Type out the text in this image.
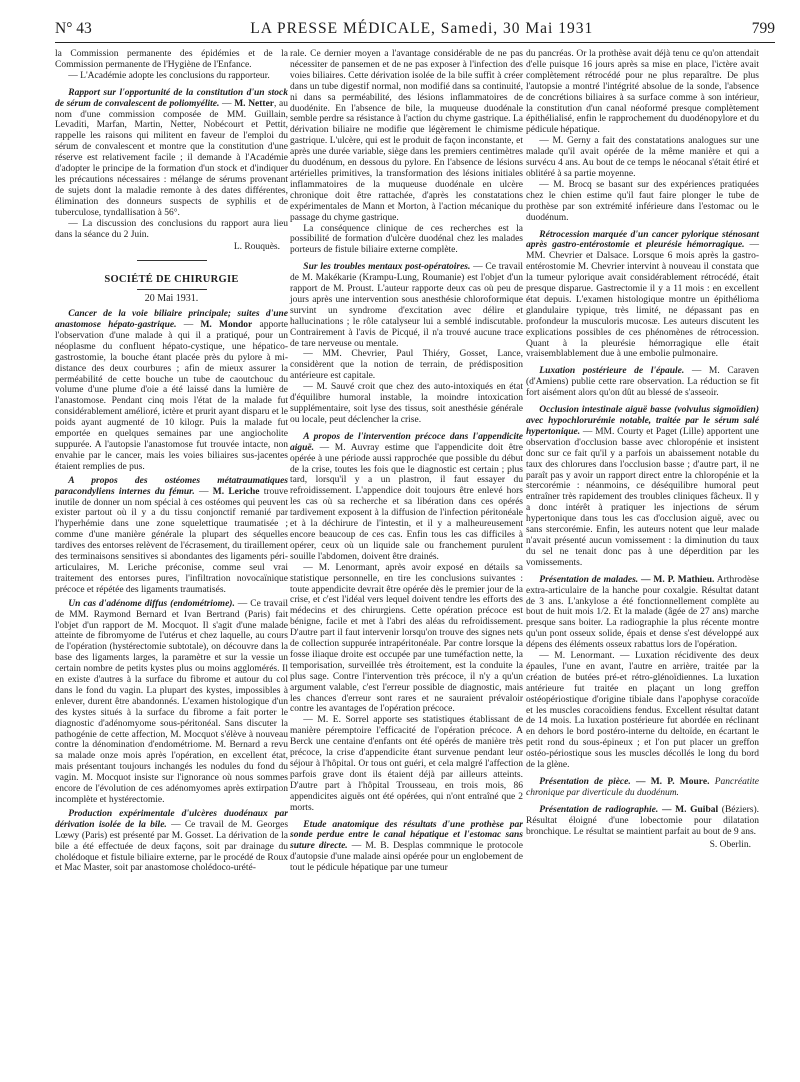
N° 43	LA PRESSE MÉDICALE, Samedi, 30 Mai 1931	799

la Commission permanente des épidémies et de la Commission permanente de l'Hygiène de l'Enfance.

— L'Académie adopte les conclusions du rapporteur.

Rapport sur l'opportunité de la constitution d'un stock de sérum de convalescent de poliomyélite. — M. Netter, au nom d'une commission composée de MM. Guillain, Levaditi, Marfan, Martin, Netter, Nobécourt et Pettit, rappelle les raisons qui militent en faveur de l'emploi du sérum de convalescent et montre que la constitution d'une réserve est relativement facile ; il demande à l'Académie d'adopter le principe de la formation d'un stock et d'indiquer les précautions nécessaires : mélange de sérums provenant de sujets dont la maladie remonte à des dates différentes, élimination des donneurs suspects de syphilis et de tuberculose, tyndallisation à 56°.

— La discussion des conclusions du rapport aura lieu dans la séance du 2 Juin.

L. Rouquès.

SOCIÉTÉ DE CHIRURGIE
20 Mai 1931.

Cancer de la voie biliaire principale; suites d'une anastomose hépato-gastrique. — M. Mondor apporte l'observation d'une malade à qui il a pratiqué, pour un néoplasme du confluent hépato-cystique, une hépatico-gastrostomie, la bouche étant placée près du pylore à mi-distance des deux courbures ; afin de mieux assurer la perméabilité de cette bouche un tube de caoutchouc du volume d'une plume d'oie a été laissé dans la lumière de l'anastomose. Pendant cinq mois l'état de la malade fut considérablement amélioré, ictère et prurit ayant disparu et le poids ayant augmenté de 10 kilogr. Puis la malade fut emportée en quelques semaines par une angiocholite suppurée. A l'autopsie l'anastomose fut trouvée intacte, non envahie par le cancer, mais les voies biliaires sus-jacentes étaient remplies de pus.

A propos des ostéomes métatraumatiques paracondyliens internes du fémur. — M. Leriche trouve inutile de donner un nom spécial à ces ostéomes qui peuvent exister partout où il y a du tissu conjonctif remanié par l'hyperhémie dans une zone squelettique traumatisée ; comme d'une manière générale la plupart des séquelles tardives des entorses relèvent de l'écrasement, du tiraillement des terminaisons sensitives si abondantes des ligaments péri-articulaires, M. Leriche préconise, comme seul vrai traitement des entorses pures, l'infiltration novocaïnique précoce et répétée des ligaments traumatisés.

Un cas d'adénome diffus (endométriome). — Ce travail de MM. Raymond Bernard et Ivan Bertrand (Paris) fait l'objet d'un rapport de M. Mocquot. Il s'agit d'une malade atteinte de fibromyome de l'utérus et chez laquelle, au cours de l'opération (hystérectomie subtotale), on découvre dans la base des ligaments larges, la paramètre et sur la vessie un certain nombre de petits kystes plus ou moins agglomérés. Il en existe d'autres à la surface du fibrome et autour du col dans le fond du vagin. La plupart des kystes, impossibles à enlever, durent être abandonnés. L'examen histologique d'un des kystes situés à la surface du fibrome a fait porter le diagnostic d'adénomyome sous-péritonéal. Sans discuter la pathogénie de cette affection, M. Mocquot s'élève à nouveau contre la dénomination d'endométriome. M. Bernard a revu sa malade onze mois après l'opération, en excellent état, mais présentant toujours inchangés les nodules du fond du vagin. M. Mocquot insiste sur l'ignorance où nous sommes encore de l'évolution de ces adénomyomes après extirpation incomplète et hystérectomie.

Production expérimentale d'ulcères duodénaux par dérivation isolée de la bile. — Ce travail de M. Georges Lœwy (Paris) est présenté par M. Gosset. La dérivation de la bile a été effectuée de deux façons, soit par drainage du cholédoque et fistule biliaire externe, par le procédé de Roux et Mac Master, soit par anastomose cholédoco-urété-

rale. Ce dernier moyen a l'avantage considérable de ne pas nécessiter de pansemen et de ne pas exposer à l'infection des voies biliaires. Cette dérivation isolée de la bile suffit à créer dans un tube digestif normal, non modifié dans sa continuité, ni dans sa perméabilité, des lésions inflammatoires de duodénite. En l'absence de bile, la muqueuse duodénale semble perdre sa résistance à l'action du chyme gastrique. La dérivation biliaire ne modifie que légèrement le chimisme gastrique. L'ulcère, qui est le produit de façon inconstante, et après une durée variable, siège dans les premiers centimètres du duodénum, en dessous du pylore. En l'absence de lésions artérielles primitives, la transformation des lésions initiales inflammatoires de la muqueuse duodénale en ulcère chronique doit être rattachée, d'après les constatations expérimentales de Mann et Morton, à l'action mécanique du passage du chyme gastrique.

La conséquence clinique de ces recherches est la possibilité de formation d'ulcère duodénal chez les malades porteurs de fistule biliaire externe complète.

Sur les troubles mentaux post-opératoires. — Ce travail de M. Makékarie (Krampu-Lung, Roumanie) est l'objet d'un rapport de M. Proust. L'auteur rapporte deux cas où peu de jours après une intervention sous anesthésie chloroformique survint un syndrome d'excitation avec délire et hallucinations ; le rôle catalyseur lui a semblé indiscutable. Contrairement à l'avis de Picqué, il n'a trouvé aucune trace de tare nerveuse ou mentale.

— MM. Chevrier, Paul Thiéry, Gosset, Lance, considèrent que la notion de terrain, de prédisposition antérieure est capitale.

— M. Sauvé croit que chez des auto-intoxiqués en état d'équilibre humoral instable, la moindre intoxication supplémentaire, soit lyse des tissus, soit anesthésie générale ou locale, peut déclencher la crise.

A propos de l'intervention précoce dans l'appendicite aiguë. — M. Auvray estime que l'appendicite doit être opérée à une période aussi rapprochée que possible du début de la crise, toutes les fois que le diagnostic est certain ; plus tard, lorsqu'il y a un plastron, il faut essayer du refroidissement. L'appendice doit toujours être enlevé hors les cas où sa recherche et sa libération dans ces opérés tardivement exposent à la diffusion de l'infection péritonéale et à la déchirure de l'intestin, et il y a malheureusement encore beaucoup de ces cas. Enfin tous les cas difficiles à opérer, ceux où un liquide sale ou franchement purulent souille l'abdomen, doivent être drainés.

— M. Lenormant, après avoir exposé en détails sa statistique personnelle, en tire les conclusions suivantes : toute appendicite devrait être opérée dès le premier jour de la crise, et c'est l'idéal vers lequel doivent tendre les efforts des médecins et des chirurgiens. Cette opération précoce est bénigne, facile et met à l'abri des aléas du refroidissement. D'autre part il faut intervenir lorsqu'on trouve des signes nets de collection suppurée intrapéritonéale. Par contre lorsque la fosse iliaque droite est occupée par une tuméfaction nette, la temporisation, surveillée très étroitement, est la conduite la plus sage. Contre l'intervention très précoce, il n'y a qu'un argument valable, c'est l'erreur possible de diagnostic, mais les chances d'erreur sont rares et ne sauraient prévaloir contre les avantages de l'opération précoce.

— M. E. Sorrel apporte ses statistiques établissant de manière péremptoire l'efficacité de l'opération précoce. A Berck une centaine d'enfants ont été opérés de manière très précoce, la crise d'appendicite étant survenue pendant leur séjour à l'hôpital. Or tous ont guéri, et cela malgré l'affection parfois grave dont ils étaient déjà par ailleurs atteints. D'autre part à l'hôpital Trousseau, en trois mois, 86 appendicites aiguës ont été opérées, qui n'ont entraîné que 2 morts.

Etude anatomique des résultats d'une prothèse par sonde perdue entre le canal hépatique et l'estomac sans suture directe. — M. B. Desplas commnique le protocole d'autopsie d'une malade ainsi opérée pour un englobement de tout le pédicule hépatique par une tumeur

du pancréas. Or la prothèse avait déjà tenu ce qu'on attendait d'elle puisque 16 jours après sa mise en place, l'ictère avait complètement rétrocédé pour ne plus reparaître. De plus l'autopsie a montré l'intégrité absolue de la sonde, l'absence de concrétions biliaires à sa surface comme à son intérieur, la constitution d'un canal néoformé presque complètement épithélialisé, enfin le rapprochement du duodénopylore et du pédicule hépatique.

— M. Gerny a fait des constatations analogues sur une malade qu'il avait opérée de la même manière et qui a survécu 4 ans. Au bout de ce temps le néocanal s'était étiré et oblitéré à sa partie moyenne.

— M. Brocq se basant sur des expériences pratiquées chez le chien estime qu'il faut faire plonger le tube de prothèse par son extrémité inférieure dans l'estomac ou le duodénum.

Rétrocession marquée d'un cancer pylorique sténosant après gastro-entérostomie et pleurésie hémorragique. — MM. Chevrier et Dalsace. Lorsque 6 mois après la gastro-entérostomie M. Chevrier intervint à nouveau il constata que la tumeur pylorique avait considérablement rétrocédé, était presque disparue. Gastrectomie il y a 11 mois : en excellent état depuis. L'examen histologique montre un épithélioma glandulaire typique, très limité, ne dépassant pas en profondeur la musculoris mucosæ. Les auteurs discutent les explications possibles de ces phénomènes de rétrocession. Quant à la pleurésie hémorragique elle était vraisemblablement due à une embolie pulmonaire.

Luxation postérieure de l'épaule. — M. Caraven (d'Amiens) publie cette rare observation. La réduction se fit fort aisément alors qu'on dût au blessé de s'asseoir.

Occlusion intestinale aiguë basse (volvulus sigmoïdien) avec hypochlorurémie notable, traitée par le sérum salé hypertonique. — MM. Courty et Paget (Lille) apportent une observation d'occlusion basse avec chloropénie et insistent donc sur ce fait qu'il y a parfois un abaissement notable du taux des chlorures dans l'occlusion basse ; d'autre part, il ne paraît pas y avoir un rapport direct entre la chloropénie et la stercorémie : néanmoins, ce déséquilibre humoral peut entraîner très rapidement des troubles cliniques fâcheux. Il y a donc intérêt à pratiquer les injections de sérum hypertonique dans tous les cas d'occlusion aiguë, avec ou sans stercorémie. Enfin, les auteurs notent que leur malade n'avait présenté aucun vomissement : la diminution du taux du sel ne tenait donc pas à une déperdition par les vomissements.

Présentation de malades. — M. P. Mathieu. Arthrodèse extra-articulaire de la hanche pour coxalgie. Résultat datant de 3 ans. L'ankylose a été fonctionnellement complète au bout de huit mois 1/2. Et la malade (âgée de 27 ans) marche presque sans boiter. La radiographie la plus récente montre qu'un pont osseux solide, épais et dense s'est développé aux dépens des éléments osseux rabattus lors de l'opération.

— M. Lenormant. — Luxation récidivente des deux épaules, l'une en avant, l'autre en arrière, traitée par la création de butées pré-et rétro-glénoïdiennes. La luxation antérieure fut traitée en plaçant un long greffon ostéopériostique d'origine tibiale dans l'apophyse coracoïde et les muscles coracoïdiens fendus. Excellent résultat datant de 14 mois. La luxation postérieure fut abordée en réclinant en dehors le bord postéro-interne du deltoïde, en écartant le petit rond du sous-épineux ; et l'on put placer un greffon ostéo-périostique sous les muscles décollés le long du bord de la glène.

Présentation de pièce. — M. P. Moure. Pancréatite chronique par diverticule du duodénum.

Présentation de radiographie. — M. Guibal (Béziers). Résultat éloigné d'une lobectomie pour dilatation bronchique. Le résultat se maintient parfait au bout de 9 ans.

S. Oberlin.
